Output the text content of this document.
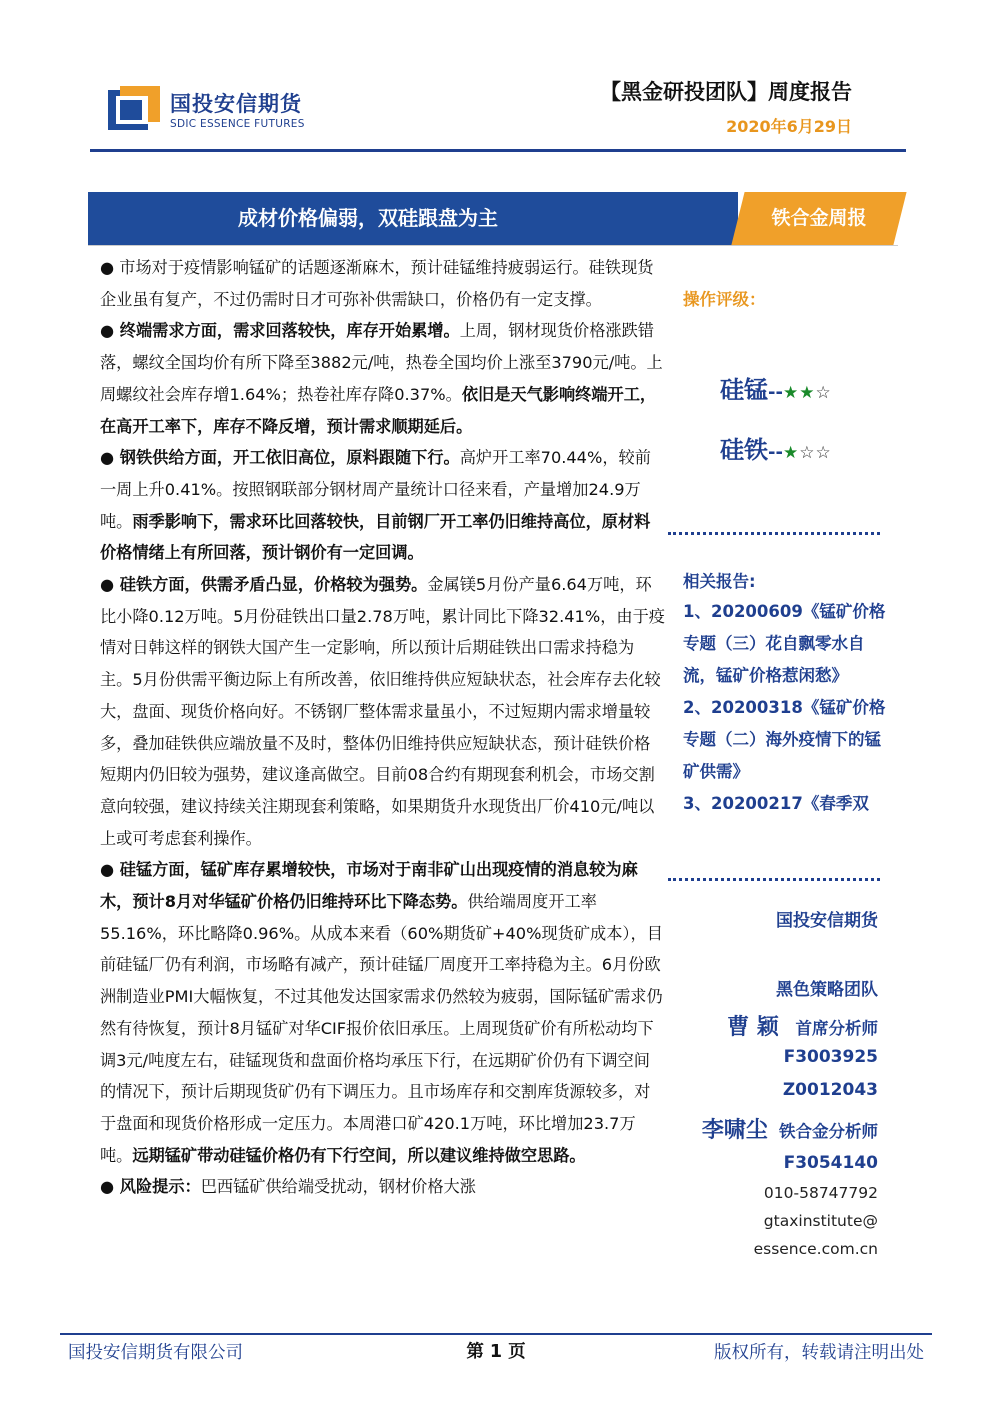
国投安信期货
SDIC ESSENCE FUTURES
【黑金研投团队】周度报告
2020年6月29日
成材价格偏弱，双硅跟盘为主	铁合金周报

● 市场对于疫情影响锰矿的话题逐渐麻木，预计硅锰维持疲弱运行。硅铁现货企业虽有复产，不过仍需时日才可弥补供需缺口，价格仍有一定支撑。

● 终端需求方面，需求回落较快，库存开始累增。上周，钢材现货价格涨跌错落，螺纹全国均价有所下降至3882元/吨，热卷全国均价上涨至3790元/吨。上周螺纹社会库存增1.64%；热卷社库存降0.37%。依旧是天气影响终端开工，在高开工率下，库存不降反增，预计需求顺期延后。

● 钢铁供给方面，开工依旧高位，原料跟随下行。高炉开工率70.44%，较前一周上升0.41%。按照钢联部分钢材周产量统计口径来看，产量增加24.9万吨。雨季影响下，需求环比回落较快，目前钢厂开工率仍旧维持高位，原材料价格情绪上有所回落，预计钢价有一定回调。

● 硅铁方面，供需矛盾凸显，价格较为强势。金属镁5月份产量6.64万吨，环比小降0.12万吨。5月份硅铁出口量2.78万吨，累计同比下降32.41%，由于疫情对日韩这样的钢铁大国产生一定影响，所以预计后期硅铁出口需求持稳为主。5月份供需平衡边际上有所改善，依旧维持供应短缺状态，社会库存去化较大，盘面、现货价格向好。不锈钢厂整体需求量虽小，不过短期内需求增量较多，叠加硅铁供应端放量不及时，整体仍旧维持供应短缺状态，预计硅铁价格短期内仍旧较为强势，建议逢高做空。目前08合约有期现套利机会，市场交割意向较强，建议持续关注期现套利策略，如果期货升水现货出厂价410元/吨以上或可考虑套利操作。

● 硅锰方面，锰矿库存累增较快，市场对于南非矿山出现疫情的消息较为麻木，预计8月对华锰矿价格仍旧维持环比下降态势。供给端周度开工率55.16%，环比略降0.96%。从成本来看（60%期货矿+40%现货矿成本），目前硅锰厂仍有利润，市场略有减产，预计硅锰厂周度开工率持稳为主。6月份欧洲制造业PMI大幅恢复，不过其他发达国家需求仍然较为疲弱，国际锰矿需求仍然有待恢复，预计8月锰矿对华CIF报价依旧承压。上周现货矿价有所松动均下调3元/吨度左右，硅锰现货和盘面价格均承压下行，在远期矿价仍有下调空间的情况下，预计后期现货矿仍有下调压力。且市场库存和交割库货源较多，对于盘面和现货价格形成一定压力。本周港口矿420.1万吨，环比增加23.7万吨。远期锰矿带动硅锰价格仍有下行空间，所以建议维持做空思路。

● 风险提示：巴西锰矿供给端受扰动，钢材价格大涨

操作评级：
硅锰--★★☆
硅铁--★☆☆
相关报告:

1、20200609《锰矿价格专题（三）花自飘零水自流，锰矿价格惹闲愁》

2、20200318《锰矿价格专题（二）海外疫情下的锰矿供需》

3、20200217《春季双

国投安信期货
黑色策略团队
曹 颖 首席分析师
F3003925
Z0012043
李啸尘 铁合金分析师
F3054140
010-58747792
gtaxinstitute@
essence.com.cn
国投安信期货有限公司	第 1 页	版权所有，转载请注明出处
